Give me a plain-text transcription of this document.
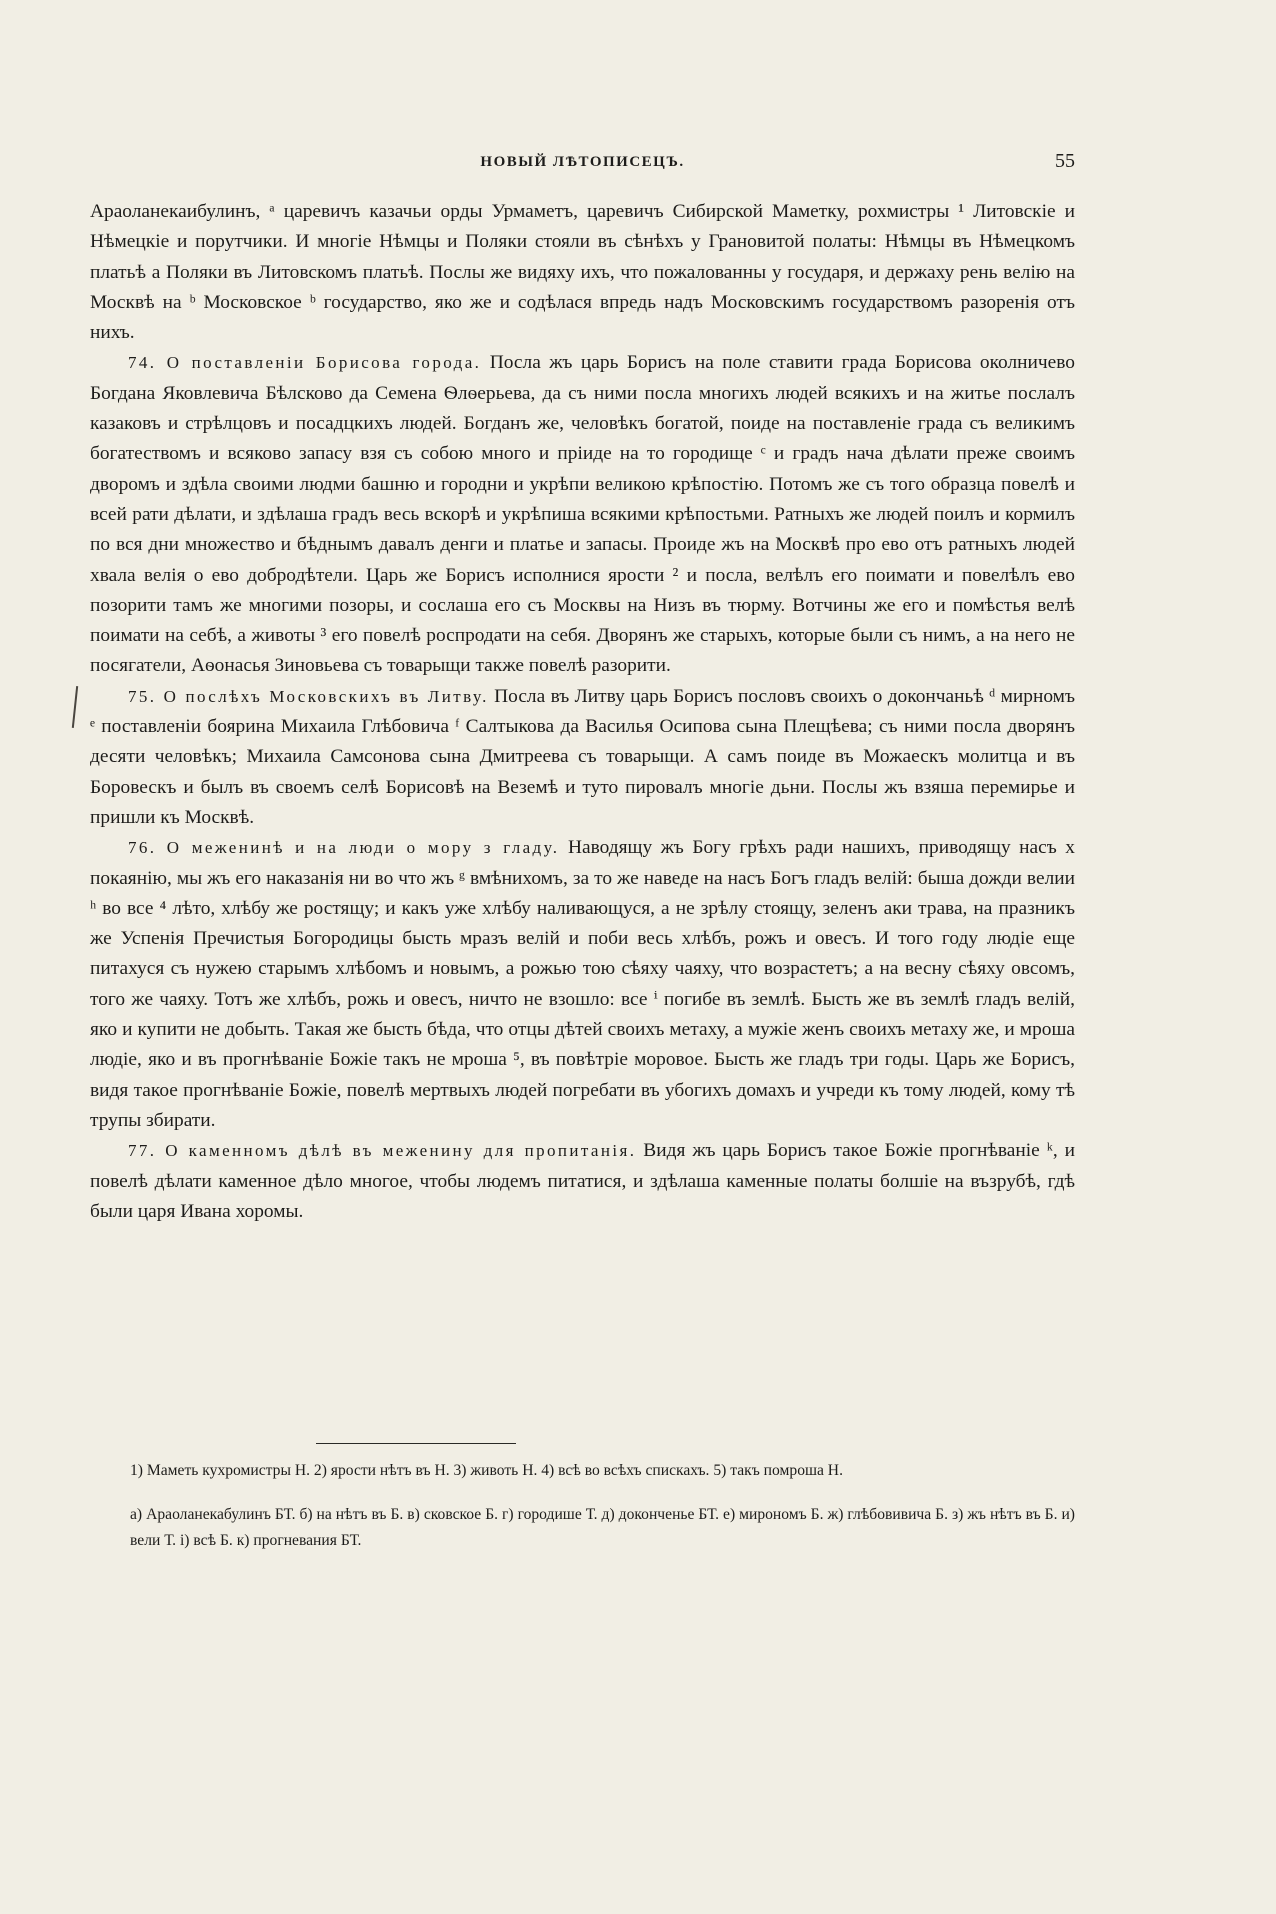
НОВЫЙ ЛѢТОПИСЕЦЪ.	55

Араоланекаибулинъ, ᵃ царевичъ казачьи орды Урмаметъ, царевичъ Сибирской Маметку, рохмистры ¹ Литовскіе и Нѣмецкіе и порутчики. И многіе Нѣмцы и Поляки стояли въ сѣнѣхъ у Грановитой полаты: Нѣмцы въ Нѣмецкомъ платьѣ а Поляки въ Литовскомъ платьѣ. Послы же видяху ихъ, что пожалованны у государя, и держаху рень велію на Москвѣ на ᵇ Московское ᵇ государство, яко же и содѣлася впредь надъ Московскимъ государствомъ разоренія отъ нихъ.

74. О поставленіи Борисова города. Посла жъ царь Борисъ на поле ставити града Борисова околничево Богдана Яковлевича Бѣлсково да Семена Ѳлѳерьева, да съ ними посла многихъ людей всякихъ и на житье послалъ казаковъ и стрѣлцовъ и посадцкихъ людей. Богданъ же, человѣкъ богатой, поиде на поставленіе града съ великимъ богатествомъ и всяково запасу взя съ собою много и пріиде на то городище ᶜ и градъ нача дѣлати преже своимъ дворомъ и здѣла своими людми башню и городни и укрѣпи великою крѣпостію. Потомъ же съ того образца повелѣ и всей рати дѣлати, и здѣлаша градъ весь вскорѣ и укрѣпиша всякими крѣпостьми. Ратныхъ же людей поилъ и кормилъ по вся дни множество и бѣднымъ давалъ денги и платье и запасы. Проиде жъ на Москвѣ про ево отъ ратныхъ людей хвала велія о ево добродѣтели. Царь же Борисъ исполнися ярости ² и посла, велѣлъ его поимати и повелѣлъ ево позорити тамъ же многими позоры, и сослаша его съ Москвы на Низъ въ тюрму. Вотчины же его и помѣстья велѣ поимати на себѣ, а животы ³ его повелѣ роспродати на себя. Дворянъ же старыхъ, которые были съ нимъ, а на него не посягатели, Аѳонасья Зиновьева съ товарыщи также повелѣ разорити.

75. О послѣхъ Московскихъ въ Литву. Посла въ Литву царь Борисъ пословъ своихъ о докончаньѣ ᵈ мирномъ ᵉ поставленіи боярина Михаила Глѣбовича ᶠ Салтыкова да Василья Осипова сына Плещѣева; съ ними посла дворянъ десяти человѣкъ; Михаила Самсонова сына Дмитреева съ товарыщи. А самъ поиде въ Можаескъ молитца и въ Боровескъ и былъ въ своемъ селѣ Борисовѣ на Веземѣ и туто пировалъ многіе дьни. Послы жъ взяша перемирье и пришли къ Москвѣ.

76. О меженинѣ и на люди о мору з гладу. Наводящу жъ Богу грѣхъ ради нашихъ, приводящу насъ х покаянію, мы жъ его наказанія ни во что жъ ᵍ вмѣнихомъ, за то же наведе на насъ Богъ гладъ велій: быша дожди велии ʰ во все ⁴ лѣто, хлѣбу же ростящу; и какъ уже хлѣбу наливающуся, а не зрѣлу стоящу, зеленъ аки трава, на празникъ же Успенія Пречистыя Богородицы бысть мразъ велій и поби весь хлѣбъ, рожъ и овесъ. И того году людіе еще питахуся съ нужею старымъ хлѣбомъ и новымъ, а рожью тою сѣяху чаяху, что возрастетъ; а на весну сѣяху овсомъ, того же чаяху. Тотъ же хлѣбъ, рожь и овесъ, ничто не взошло: все ⁱ погибе въ землѣ. Бысть же въ землѣ гладъ велій, яко и купити не добыть. Такая же бысть бѣда, что отцы дѣтей своихъ метаху, а мужіе женъ своихъ метаху же, и мроша людіе, яко и въ прогнѣваніе Божіе такъ не мроша ⁵, въ повѣтріе моровое. Бысть же гладъ три годы. Царь же Борисъ, видя такое прогнѣваніе Божіе, повелѣ мертвыхъ людей погребати въ убогихъ домахъ и учреди къ тому людей, кому тѣ трупы збирати.

77. О каменномъ дѣлѣ въ меженину для пропитанія. Видя жъ царь Борисъ такое Божіе прогнѣваніе ᵏ, и повелѣ дѣлати каменное дѣло многое, чтобы людемъ питатися, и здѣлаша каменные полаты болшіе на възрубѣ, гдѣ были царя Ивана хоромы.

1) Маметь кухромистры Н. 2) ярости нѣтъ въ Н. 3) животь Н. 4) всѣ во всѣхъ спискахъ. 5) такъ помроша Н.

а) Араоланекабулинъ БТ. б) на нѣтъ въ Б. в) сковское Б. г) городише Т. д) доконченье БТ. е) мирономъ Б. ж) глѣбовивича Б. з) жъ нѣтъ въ Б. и) вели Т. і) всѣ Б. к) прогневания БТ.
